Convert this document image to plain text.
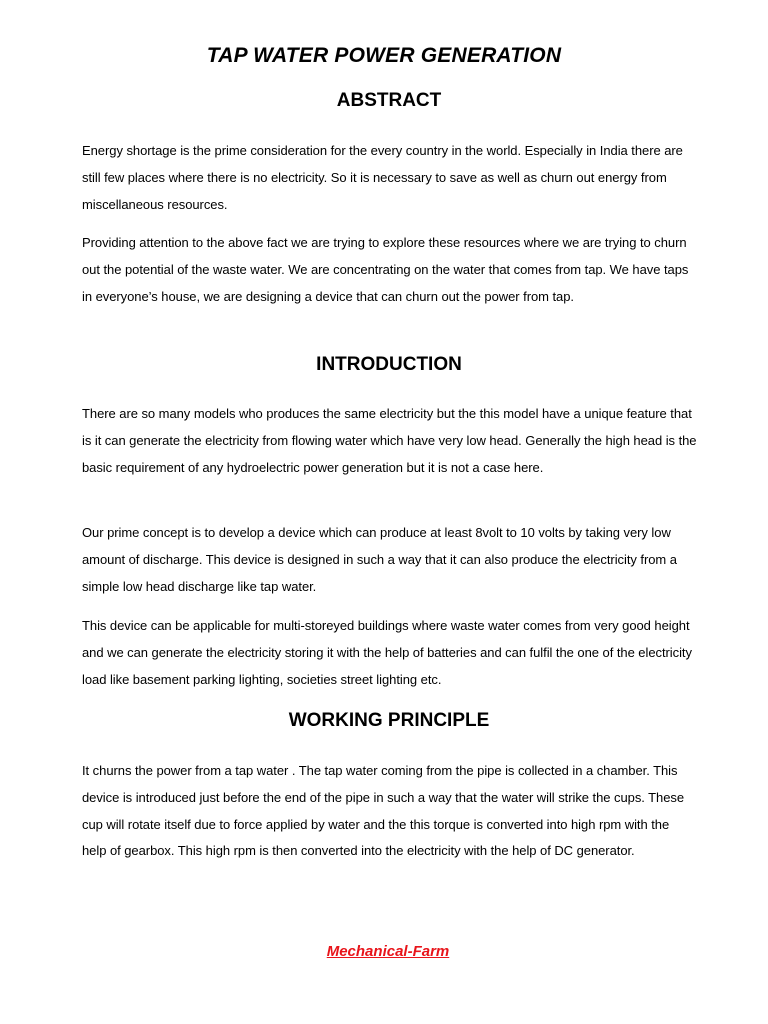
TAP WATER POWER GENERATION
ABSTRACT
Energy shortage is the prime consideration for the every country in the world. Especially in India there are still few places where there is no electricity. So it is necessary to save as well as churn out energy from miscellaneous resources.
Providing attention to the above fact we are trying to explore these resources where we are trying to churn out the potential of the waste water. We are concentrating on the water that comes from tap. We have taps in everyone’s house, we are designing a device that can churn out the power from tap.
INTRODUCTION
There are so many models who produces the same electricity but the this model have a unique feature that is it can generate the electricity from flowing water which have very low head. Generally the high head is the basic requirement of any hydroelectric power generation but it is not a case here.
Our prime concept is to develop a device which can produce at least 8volt to 10 volts by taking very low amount of discharge. This device is designed in such a way that it can also produce the electricity from a simple low head discharge like tap water.
This device can be applicable for multi-storeyed buildings where waste water comes from very good height and we can generate the electricity storing it with the help of batteries and can fulfil the one of the electricity load like basement parking lighting, societies street lighting etc.
WORKING PRINCIPLE
It churns the power from a tap water . The tap water coming from the pipe is collected in a chamber. This device is introduced just before the end of the pipe in such a way that the water will strike the cups. These cup will rotate itself due to force applied by water and the this torque is converted into high rpm with the help of gearbox. This high rpm is then converted into the electricity with the help of DC generator.
Mechanical-Farm
